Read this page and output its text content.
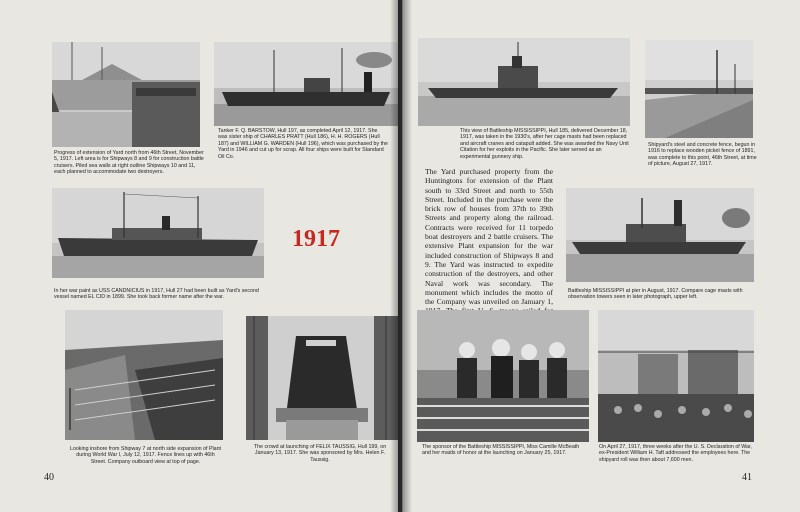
Progress of extension of Yard north from 46th Street, November 5, 1917. Left area is for Shipways 8 and 9 for construction battle cruisers. Piled sea walls at right outline Shipways 10 and 11, each planned to accommodate two destroyers.

Tanker F. Q. BARSTOW, Hull 197, as completed April 12, 1917. She was sister ship of CHARLES PRATT (Hull 186), H. H. ROGERS (Hull 187) and WILLIAM G. WARDEN (Hull 196), which was purchased by the Yard in 1946 and cut up for scrap. All four ships were built for Standard Oil Co.

In her war paint as USS CANDNICIUS in 1917, Hull 27 had been built as Yard's second vessel named EL CID in 1899. She took back former name after the war.

1917

Looking inshore from Shipway 7 at north side expansion of Plant during World War I, July 12, 1917. Fence lines up with 46th Street. Company outboard view at top of page.

The crowd at launching of FELIX TAUSSIG, Hull 199, on January 13, 1917. She was sponsored by Mrs. Helen F. Taussig.

40

This view of Battleship MISSISSIPPI, Hull 185, delivered December 18, 1917, was taken in the 1930's, after her cage masts had been replaced and aircraft cranes and catapult added. She was awarded the Navy Unit Citation for her exploits in the Pacific. She later served as an experimental gunnery ship.

Shipyard's steel and concrete fence, begun in 1916 to replace wooden picket fence of 1891, was complete to this point, 46th Street, at time of picture, August 27, 1917.

The Yard purchased property from the Huntingtons for extension of the Plant south to 33rd Street and north to 55th Street. Included in the purchase were the brick row of houses from 37th to 39th Streets and property along the railroad. Contracts were received for 11 torpedo boat destroyers and 2 battle cruisers. The extensive Plant expansion for the war included construction of Shipways 8 and 9. The Yard was instructed to expedite construction of the destroyers, and other Naval work was secondary. The monument which includes the motto of the Company was unveiled on January 1,

Battleship MISSISSIPPI at pier in August, 1917. Compare cage masts with observation towers seen in later photograph, upper left.

The sponsor of the Battleship MISSISSIPPI, Miss Camille McBeath and her maids of honor at the launching on January 25, 1917.

On April 27, 1917, three weeks after the U. S. Declaration of War, ex-President William H. Taft addressed the employees here. The shipyard roll was then about 7,600 men.

41
